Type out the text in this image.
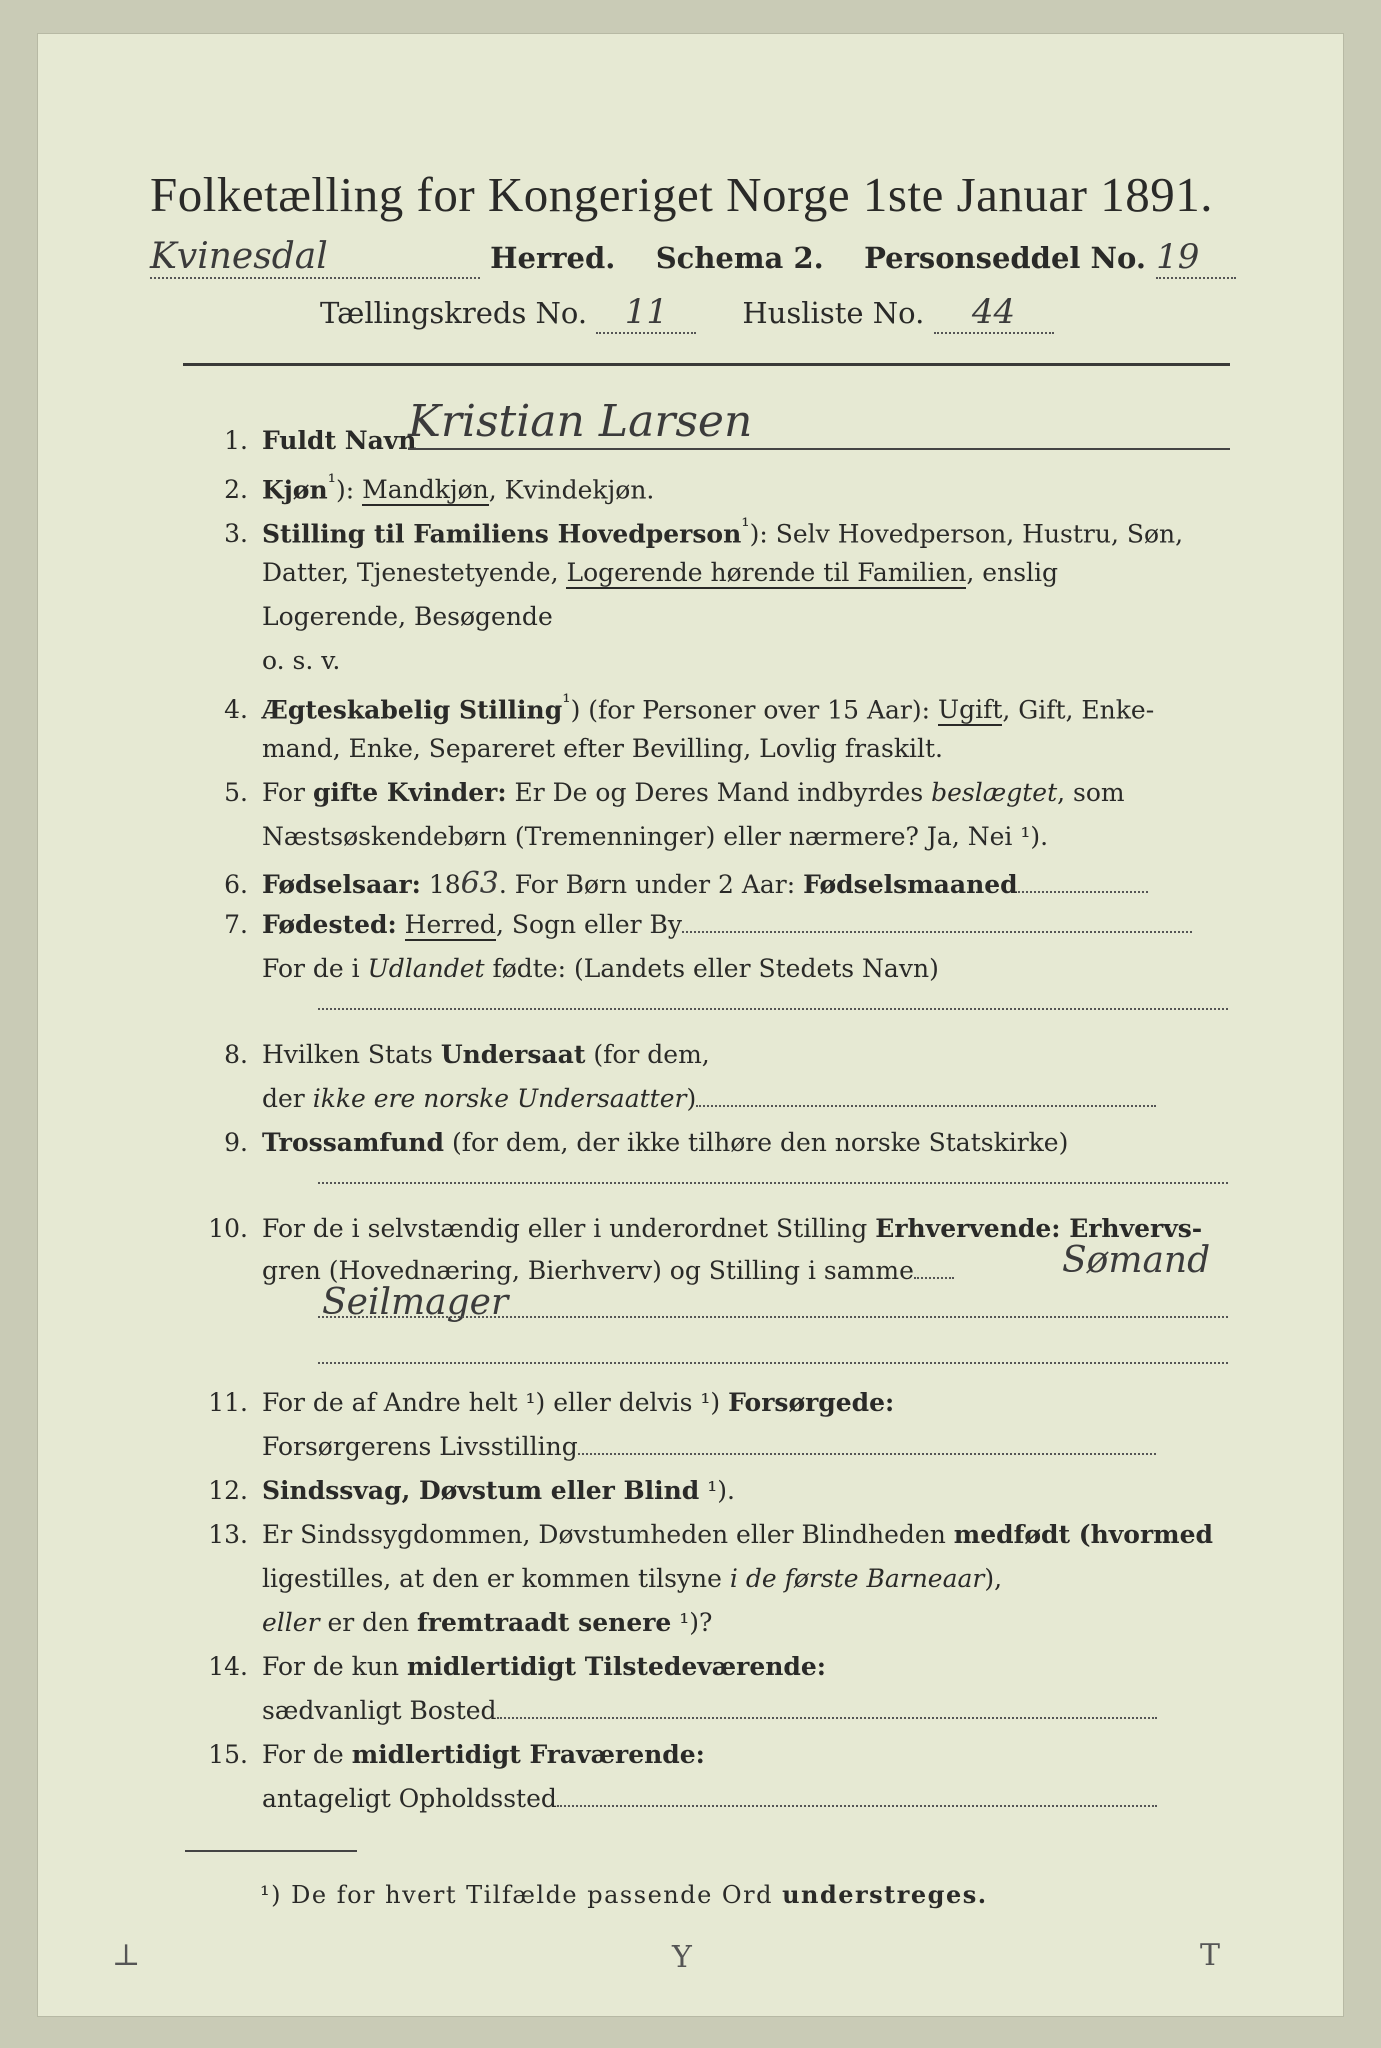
Folketælling for Kongeriget Norge 1ste Januar 1891.
Kvinesdal	Herred. Schema 2. Personseddel No. 19
Tællingskreds No. 11	Husliste No. 44
1. Fuldt Navn
Kristian Larsen
2. Kjøn$^{^1}$): Mandkjøn, Kvindekjøn.
3. Stilling til Familiens Hovedperson$^{^1}$): Selv Hovedperson, Hustru, Søn,
Datter, Tjenestetyende, Logerende hørende til Familien, enslig
Logerende, Besøgende
o. s. v.
4. Ægteskabelig Stilling$^{^1}$) (for Personer over 15 Aar): Ugift, Gift, Enke-
mand, Enke, Separeret efter Bevilling, Lovlig fraskilt.
5. For gifte Kvinder: Er De og Deres Mand indbyrdes beslægtet, som
Næstsøskendebørn (Tremenninger) eller nærmere? Ja, Nei ¹).
6. Fødselsaar: 1863. For Børn under 2 Aar: Fødselsmaaned
7. Fødested: Herred, Sogn eller By
For de i Udlandet fødte: (Landets eller Stedets Navn)
8. Hvilken Stats Undersaat (for dem,
der ikke ere norske Undersaatter)
9. Trossamfund (for dem, der ikke tilhøre den norske Statskirke)
10. For de i selvstændig eller i underordnet Stilling Erhvervende: Erhvervs-
gren (Hovednæring, Bierhverv) og Stilling i samme	Sømand
Seilmager
11. For de af Andre helt ¹) eller delvis ¹) Forsørgede:
Forsørgerens Livsstilling
12. Sindssvag, Døvstum eller Blind ¹).
13. Er Sindssygdommen, Døvstumheden eller Blindheden medfødt (hvormed
ligestilles, at den er kommen tilsyne i de første Barneaar),
eller er den fremtraadt senere ¹)?
14. For de kun midlertidigt Tilstedeværende:
sædvanligt Bosted
15. For de midlertidigt Fraværende:
antageligt Opholdssted
¹) De for hvert Tilfælde passende Ord understreges.
⊥	Y	T
